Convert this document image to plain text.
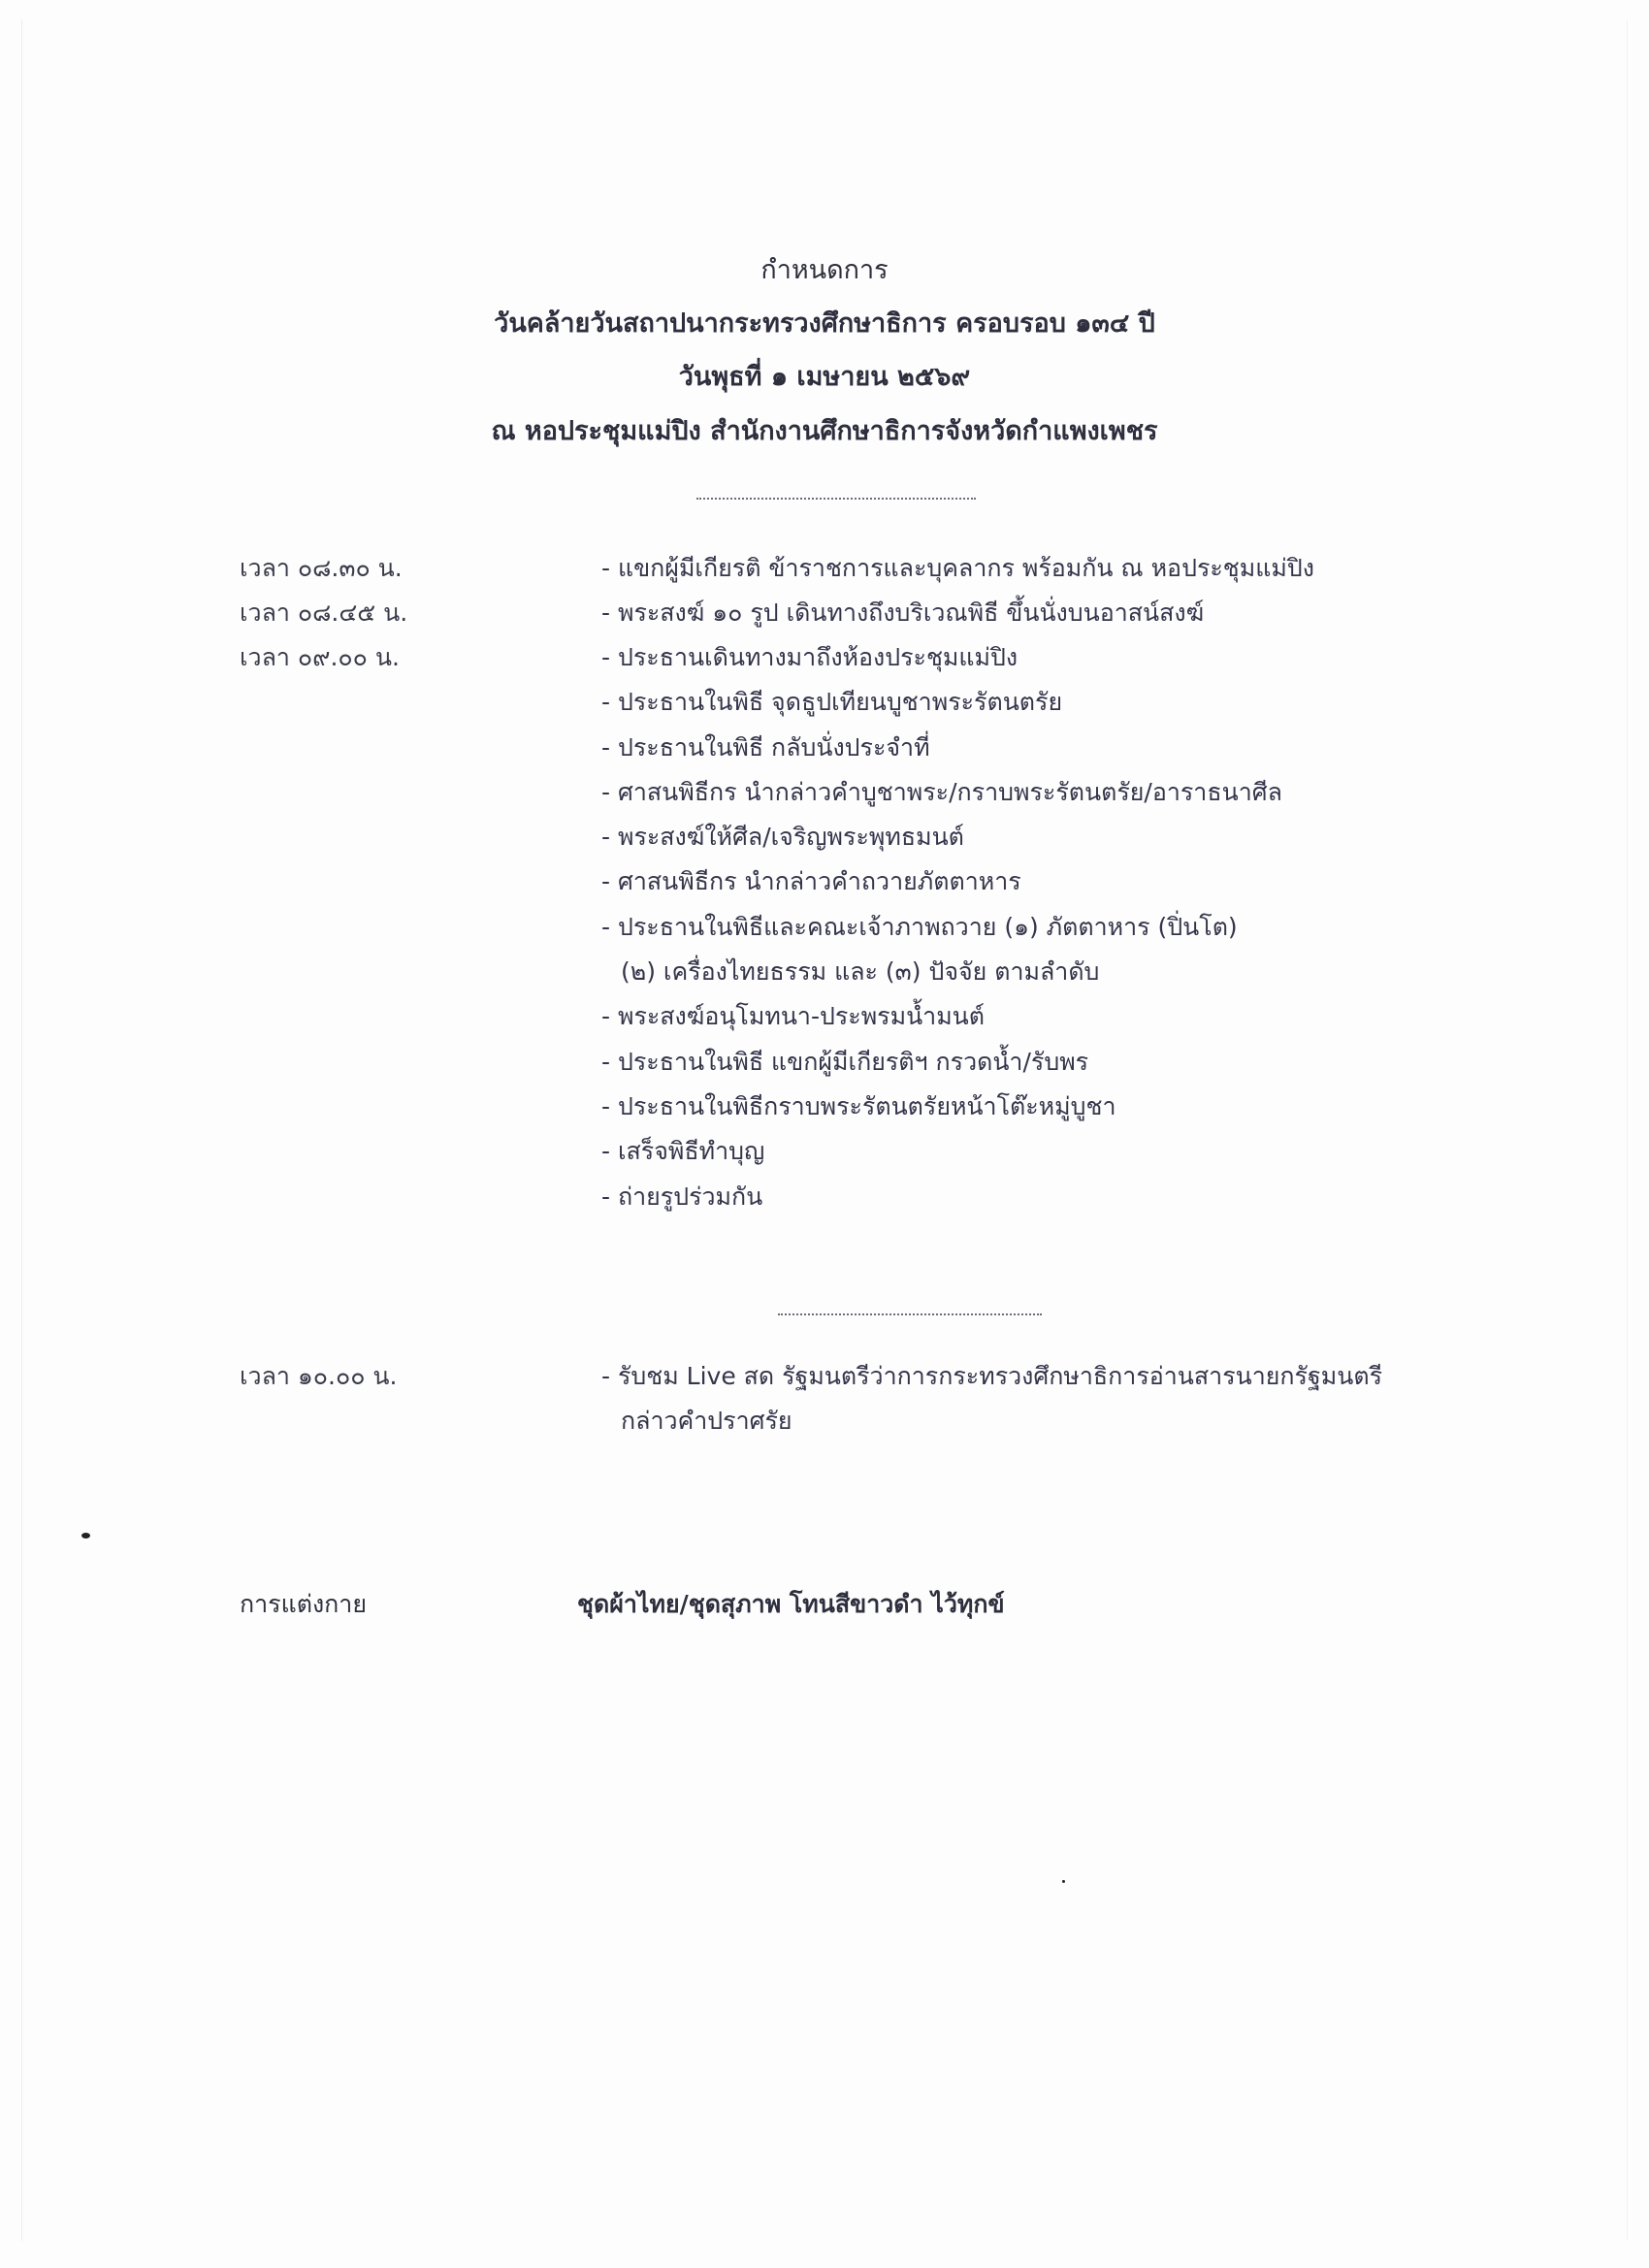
กำหนดการ
วันคล้ายวันสถาปนากระทรวงศึกษาธิการ ครอบรอบ ๑๓๔ ปี
วันพุธที่ ๑ เมษายน ๒๕๖๙
ณ หอประชุมแม่ปิง สำนักงานศึกษาธิการจังหวัดกำแพงเพชร
เวลา ๐๘.๓๐ น.
เวลา ๐๘.๔๕ น.
เวลา ๐๙.๐๐ น.
- แขกผู้มีเกียรติ ข้าราชการและบุคลากร พร้อมกัน ณ หอประชุมแม่ปิง
- พระสงฆ์ ๑๐ รูป เดินทางถึงบริเวณพิธี ขึ้นนั่งบนอาสน์สงฆ์
- ประธานเดินทางมาถึงห้องประชุมแม่ปิง
- ประธานในพิธี จุดธูปเทียนบูชาพระรัตนตรัย
- ประธานในพิธี กลับนั่งประจำที่
- ศาสนพิธีกร นำกล่าวคำบูชาพระ/กราบพระรัตนตรัย/อาราธนาศีล
- พระสงฆ์ให้ศีล/เจริญพระพุทธมนต์
- ศาสนพิธีกร นำกล่าวคำถวายภัตตาหาร
- ประธานในพิธีและคณะเจ้าภาพถวาย (๑) ภัตตาหาร (ปิ่นโต)
(๒) เครื่องไทยธรรม และ (๓) ปัจจัย ตามลำดับ
- พระสงฆ์อนุโมทนา-ประพรมน้ำมนต์
- ประธานในพิธี แขกผู้มีเกียรติฯ กรวดน้ำ/รับพร
- ประธานในพิธีกราบพระรัตนตรัยหน้าโต๊ะหมู่บูชา
- เสร็จพิธีทำบุญ
- ถ่ายรูปร่วมกัน
เวลา ๑๐.๐๐ น.	- รับชม Live สด รัฐมนตรีว่าการกระทรวงศึกษาธิการอ่านสารนายกรัฐมนตรี
กล่าวคำปราศรัย
การแต่งกาย	ชุดผ้าไทย/ชุดสุภาพ โทนสีขาวดำ ไว้ทุกข์
